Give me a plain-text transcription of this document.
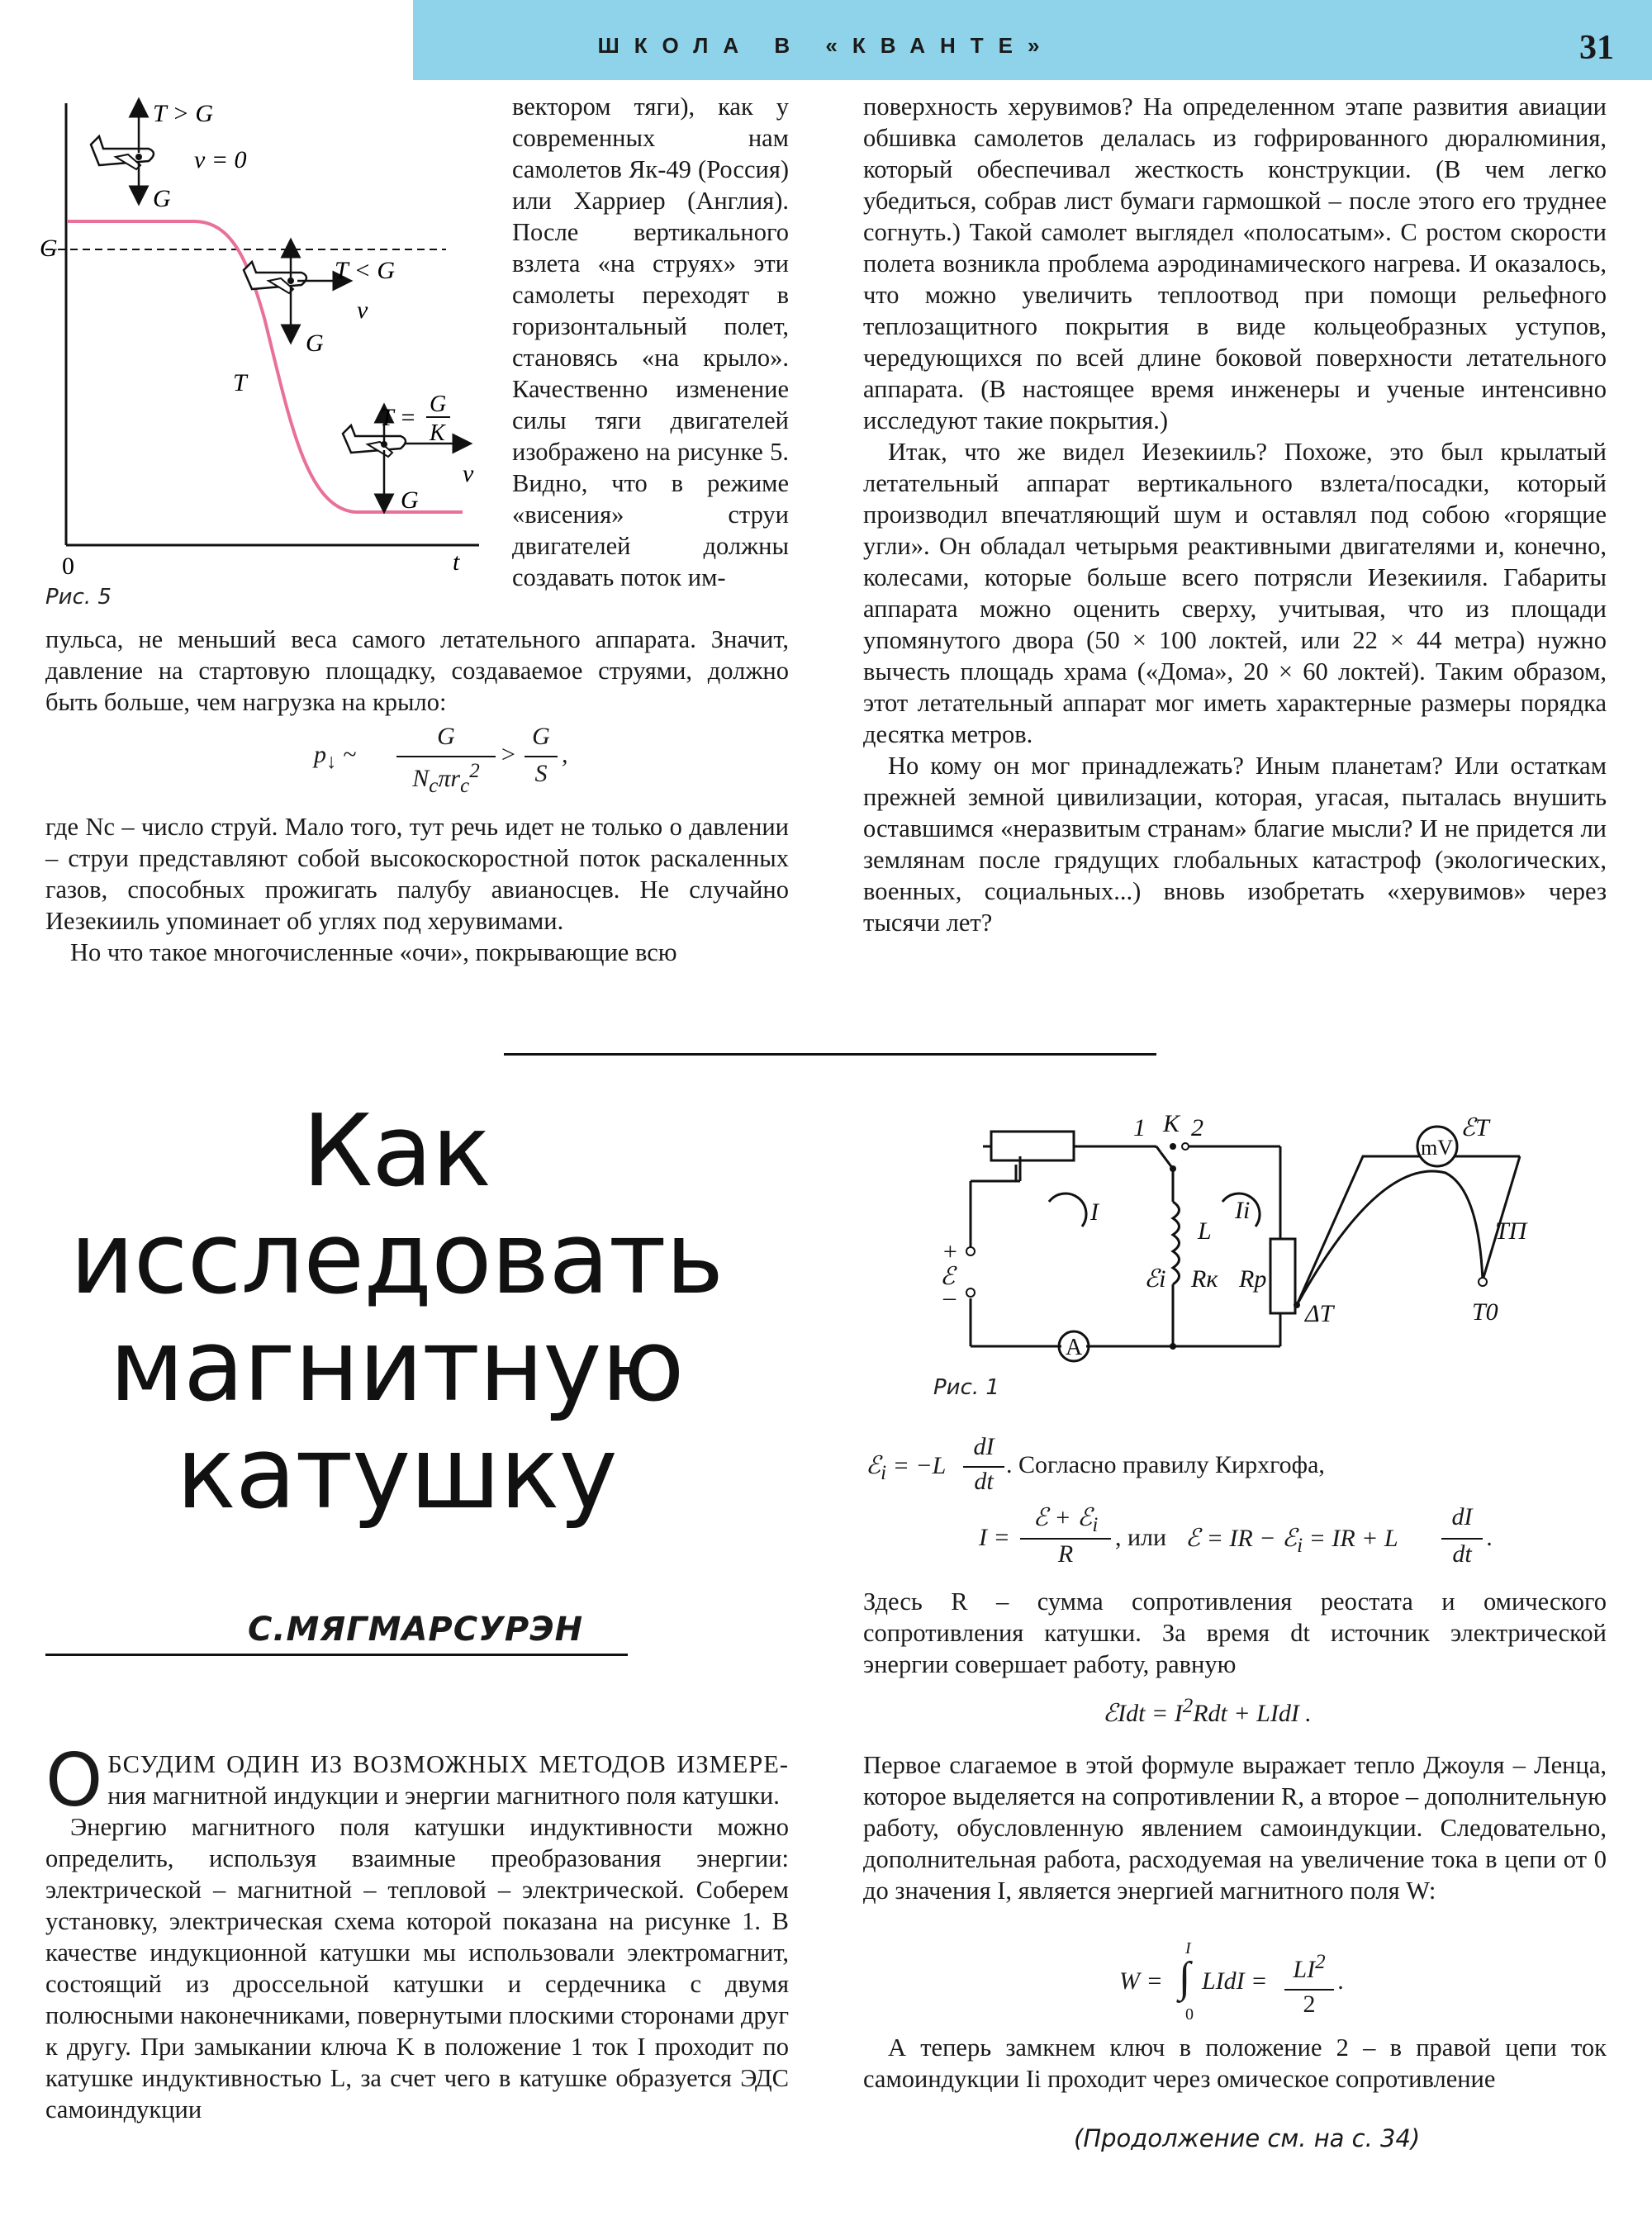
ШКОЛА В «КВАНТЕ»	31
T > G
v = 0
G
G
T < G
v
G
T
T = G
K
v
G
0	t
Рис. 5
вектором тяги), как у современных нам самолетов Як-49 (Россия) или Харриер (Англия). После вертикального взлета «на струях» эти самолеты переходят в горизонтальный полет, становясь «на крыло». Качественно изменение силы тяги двигателей изображено на рисунке 5. Видно, что в режиме «висения» струи двигателей должны создавать поток им-

пульса, не меньший веса самого летательного аппарата. Значит, давление на стартовую площадку, создаваемое струями, должно быть больше, чем нагрузка на крыло:

$p_↓$ ~
G
$N_c\pi r_c^2$
>
G
S
,

где Nc – число струй. Мало того, тут речь идет не только о давлении – струи представляют собой высокоскоростной поток раскаленных газов, способных прожигать палубу авианосцев. Не случайно Иезекииль упоминает об углях под херувимами.

Но что такое многочисленные «очи», покрывающие всю

поверхность херувимов? На определенном этапе развития авиации обшивка самолетов делалась из гофрированного дюралюминия, который обеспечивал жесткость конструкции. (В чем легко убедиться, собрав лист бумаги гармошкой – после этого его труднее согнуть.) Такой самолет выглядел «полосатым». С ростом скорости полета возникла проблема аэродинамического нагрева. И оказалось, что можно увеличить теплоотвод при помощи рельефного теплозащитного покрытия в виде кольцеобразных уступов, чередующихся по всей длине боковой поверхности летательного аппарата. (В настоящее время инженеры и ученые интенсивно исследуют такие покрытия.)

Итак, что же видел Иезекииль? Похоже, это был крылатый летательный аппарат вертикального взлета/посадки, который производил впечатляющий шум и оставлял под собою «горящие угли». Он обладал четырьмя реактивными двигателями и, конечно, колесами, которые больше всего потрясли Иезекииля. Габариты аппарата можно оценить сверху, учитывая, что из площади упомянутого двора (50 × 100 локтей, или 22 × 44 метра) нужно вычесть площадь храма («Дома», 20 × 60 локтей). Таким образом, этот летательный аппарат мог иметь характерные размеры порядка десятка метров.

Но кому он мог принадлежать? Иным планетам? Или остаткам прежней земной цивилизации, которая, угасая, пыталась внушить оставшимся «неразвитым странам» благие мысли? И не придется ли землянам после грядущих глобальных катастроф (экологических, военных, социальных...) вновь изобретать «херувимов» через тысячи лет?

Как
исследовать
магнитную
катушку
С.МЯГМАРСУРЭН

ОБСУДИМ ОДИН ИЗ ВОЗМОЖНЫХ МЕТОДОВ ИЗМЕРЕ- ния магнитной индукции и энергии магнитного поля катушки.

Энергию магнитного поля катушки индуктивности можно определить, используя взаимные преобразования энергии: электрической – магнитной – тепловой – электрической. Соберем установку, электрическая схема которой показана на рисунке 1. В качестве индукционной катушки мы использовали электромагнит, состоящий из дроссельной катушки и сердечника с двумя полюсными наконечниками, повернутыми плоскими сторонами друг к другу. При замыкании ключа K в положение 1 ток I проходит по катушке индуктивностью L, за счет чего в катушке образуется ЭДС самоиндукции

1 K 2
I	Ii
L
ℰi Rк Rр
+
ℰ
–
A
mV
ℰT
ТП
ΔT	T0
Рис. 1
ℰ$_i$ = −L
dI
dt
. Согласно правилу Кирхгофа,
I =
ℰ + ℰ$_i$
R
, или ℰ = IR − ℰ$_i$ = IR + L
dI
dt
.

Здесь R – сумма сопротивления реостата и омического сопротивления катушки. За время dt источник электрической энергии совершает работу, равную

ℰIdt = $I^2Rdt$ + LIdI .

Первое слагаемое в этой формуле выражает тепло Джоуля – Ленца, которое выделяется на сопротивлении R, а второе – дополнительную работу, обусловленную явлением самоиндукции. Следовательно, дополнительная работа, расходуемая на увеличение тока в цепи от 0 до значения I, является энергией магнитного поля W:

W =
I
∫
0
LIdI =	$LI^2$
2
.

А теперь замкнем ключ в положение 2 – в правой цепи ток самоиндукции Ii проходит через омическое сопротивление

(Продолжение см. на с. 34)
